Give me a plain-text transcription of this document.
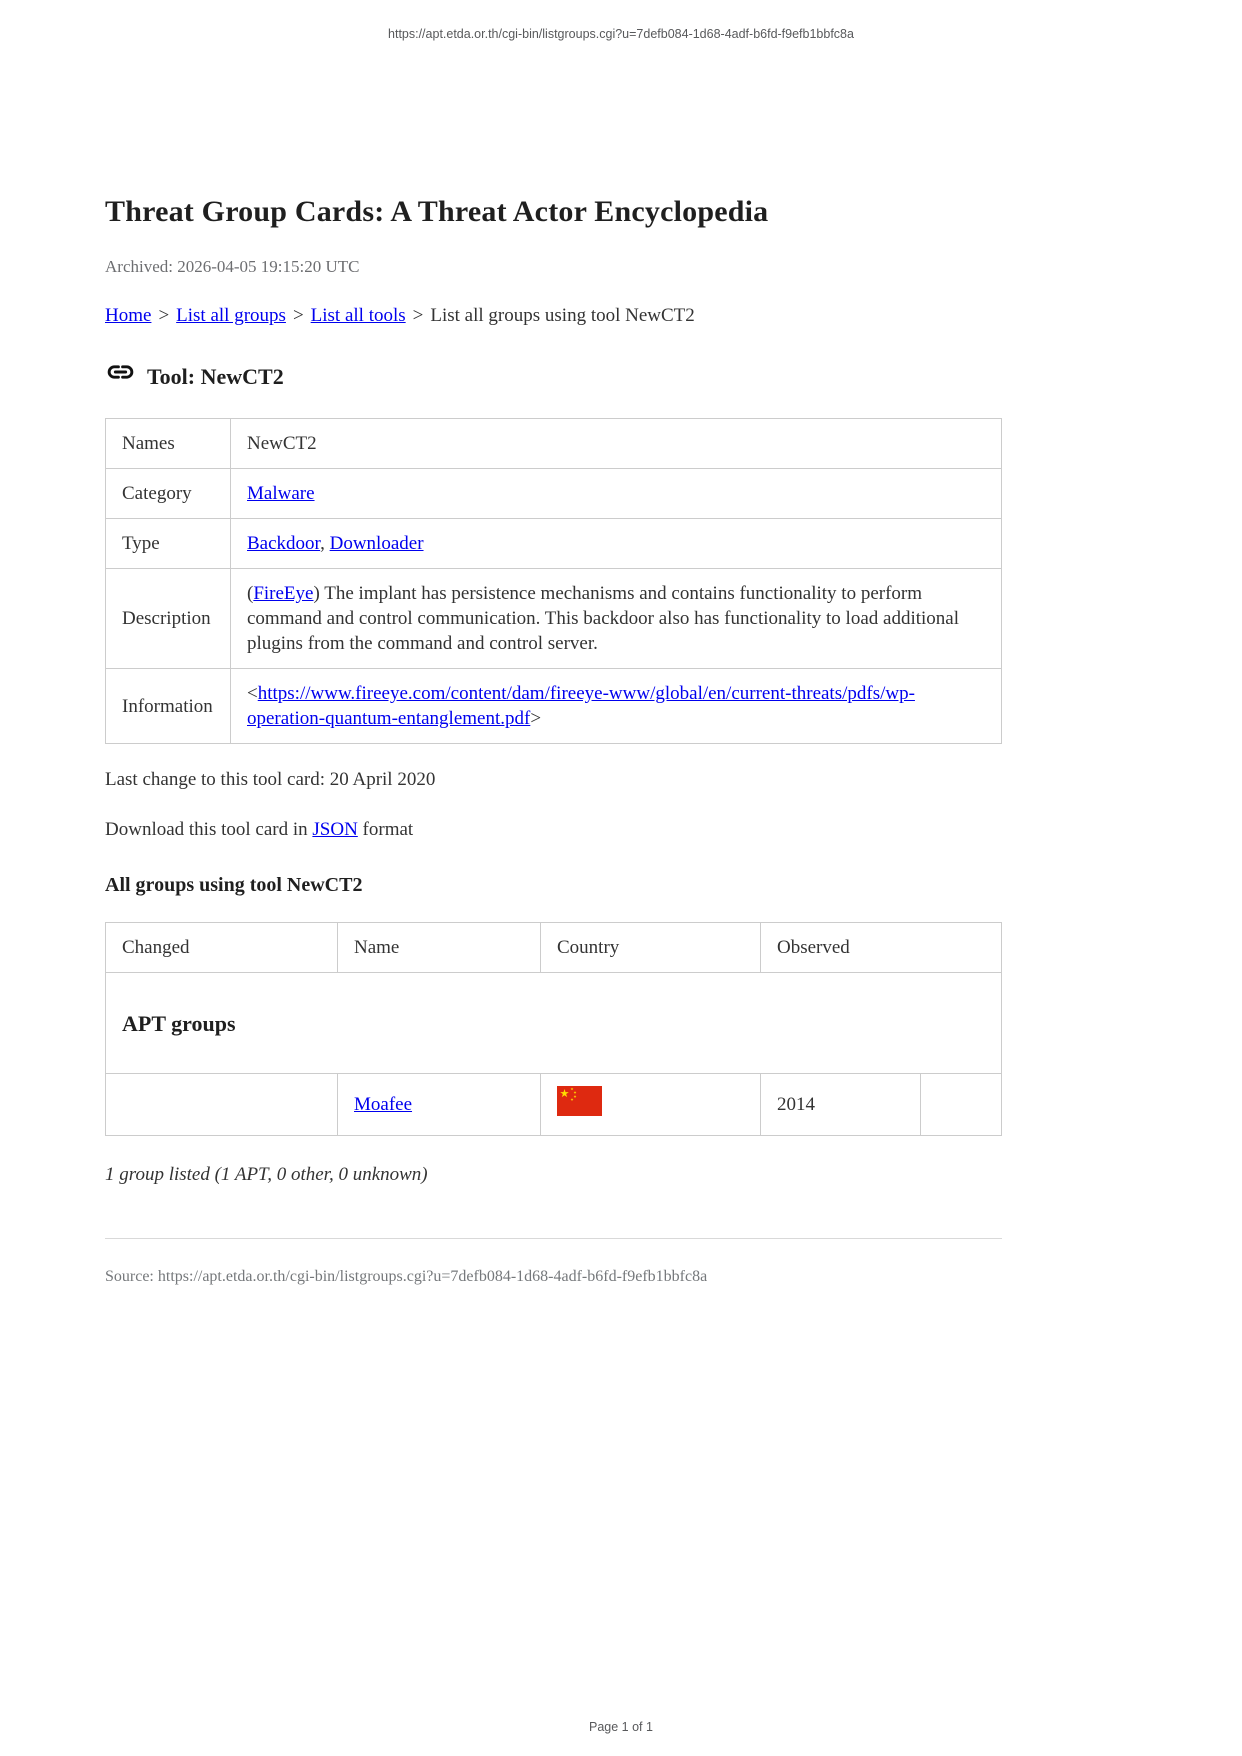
https://apt.etda.or.th/cgi-bin/listgroups.cgi?u=7defb084-1d68-4adf-b6fd-f9efb1bbfc8a
Threat Group Cards: A Threat Actor Encyclopedia
Archived: 2026-04-05 19:15:20 UTC
Home > List all groups > List all tools > List all groups using tool NewCT2
Tool: NewCT2
Names	NewCT2
Category	Malware
Type	Backdoor, Downloader
Description	(FireEye) The implant has persistence mechanisms and contains functionality to perform command and control communication. This backdoor also has functionality to load additional plugins from the command and control server.
Information	<https://www.fireeye.com/content/dam/fireeye-www/global/en/current-threats/pdfs/wp-operation-quantum-entanglement.pdf>
Last change to this tool card: 20 April 2020
Download this tool card in JSON format
All groups using tool NewCT2
Changed	Name	Country	Observed	
APT groups				
	Moafee		2014	
1 group listed (1 APT, 0 other, 0 unknown)
Source: https://apt.etda.or.th/cgi-bin/listgroups.cgi?u=7defb084-1d68-4adf-b6fd-f9efb1bbfc8a
Page 1 of 1
